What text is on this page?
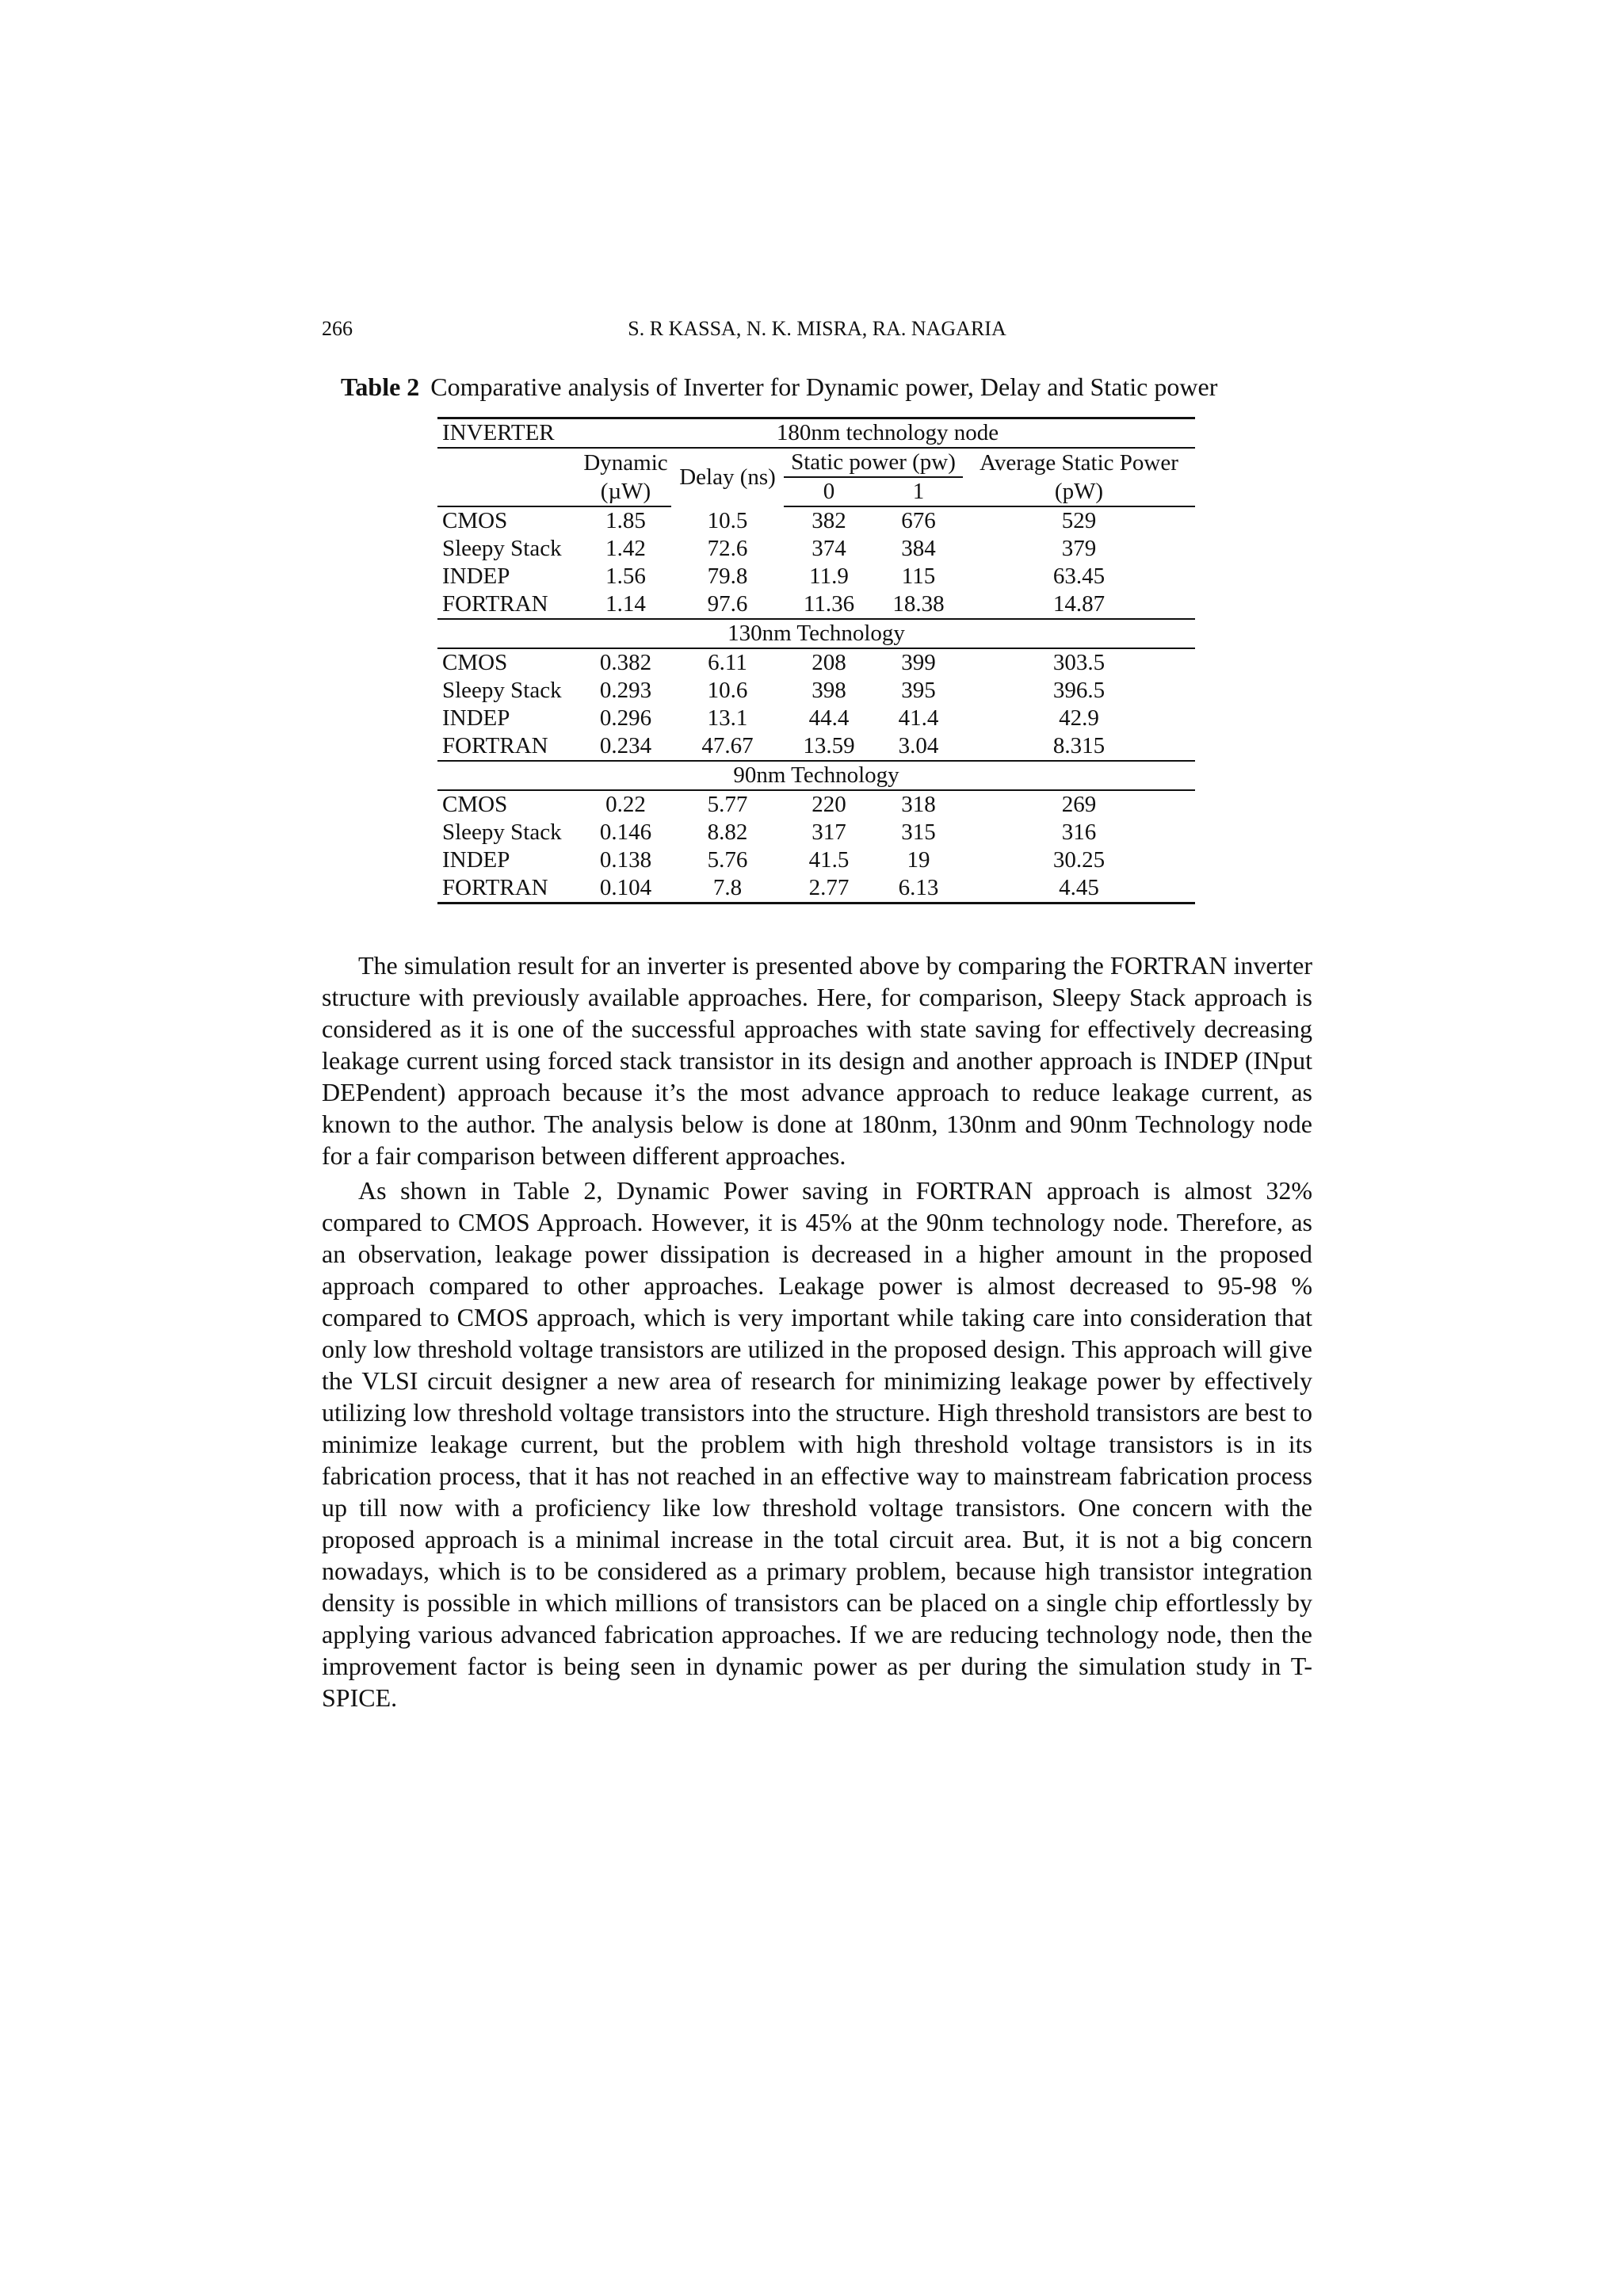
266	S. R KASSA, N. K. MISRA, RA. NAGARIA
Table 2 Comparative analysis of Inverter for Dynamic power, Delay and Static power
INVERTER	180nm technology node				
	Dynamic	Delay (ns)	Static power (pw)		Average Static Power
	(µW)		0	1	(pW)
CMOS	1.85	10.5	382	676	529
Sleepy Stack	1.42	72.6	374	384	379
INDEP	1.56	79.8	11.9	115	63.45
FORTRAN	1.14	97.6	11.36	18.38	14.87
130nm Technology					
CMOS	0.382	6.11	208	399	303.5
Sleepy Stack	0.293	10.6	398	395	396.5
INDEP	0.296	13.1	44.4	41.4	42.9
FORTRAN	0.234	47.67	13.59	3.04	8.315
90nm Technology					
CMOS	0.22	5.77	220	318	269
Sleepy Stack	0.146	8.82	317	315	316
INDEP	0.138	5.76	41.5	19	30.25
FORTRAN	0.104	7.8	2.77	6.13	4.45

The simulation result for an inverter is presented above by comparing the FORTRAN inverter structure with previously available approaches. Here, for comparison, Sleepy Stack approach is considered as it is one of the successful approaches with state saving for effectively decreasing leakage current using forced stack transistor in its design and another approach is INDEP (INput DEPendent) approach because it’s the most advance approach to reduce leakage current, as known to the author. The analysis below is done at 180nm, 130nm and 90nm Technology node for a fair comparison between different approaches.

As shown in Table 2, Dynamic Power saving in FORTRAN approach is almost 32% compared to CMOS Approach. However, it is 45% at the 90nm technology node. Therefore, as an observation, leakage power dissipation is decreased in a higher amount in the proposed approach compared to other approaches. Leakage power is almost decreased to 95-98 % compared to CMOS approach, which is very important while taking care into consideration that only low threshold voltage transistors are utilized in the proposed design. This approach will give the VLSI circuit designer a new area of research for minimizing leakage power by effectively utilizing low threshold voltage transistors into the structure. High threshold transistors are best to minimize leakage current, but the problem with high threshold voltage transistors is in its fabrication process, that it has not reached in an effective way to mainstream fabrication process up till now with a proficiency like low threshold voltage transistors. One concern with the proposed approach is a minimal increase in the total circuit area. But, it is not a big concern nowadays, which is to be considered as a primary problem, because high transistor integration density is possible in which millions of transistors can be placed on a single chip effortlessly by applying various advanced fabrication approaches. If we are reducing technology node, then the improvement factor is being seen in dynamic power as per during the simulation study in T-SPICE.
